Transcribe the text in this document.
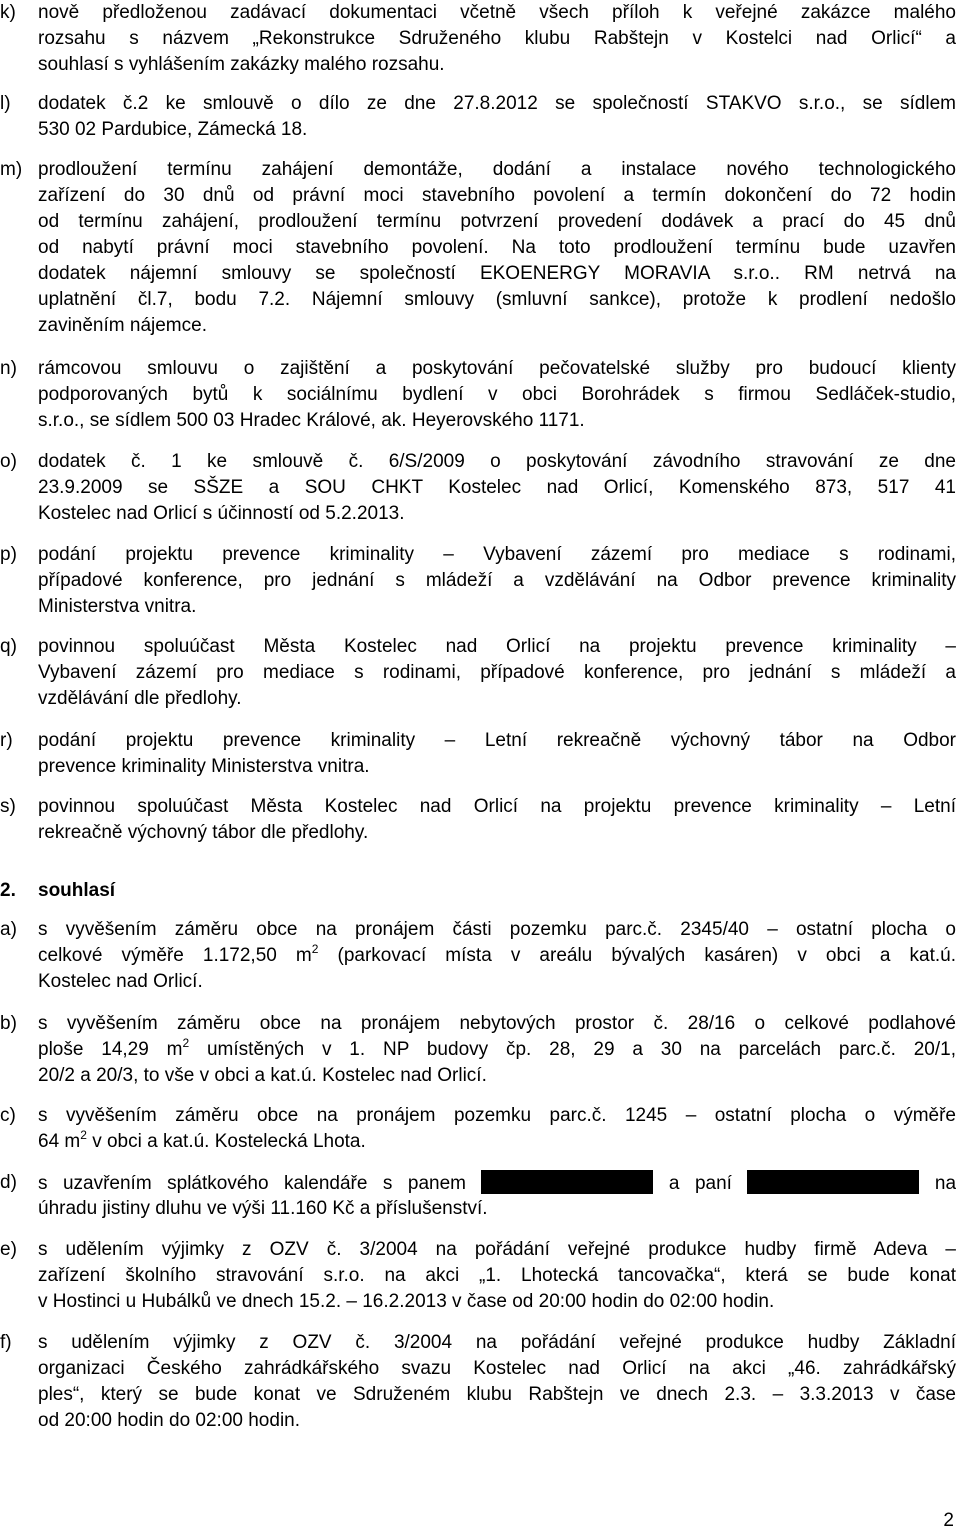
k) nově předloženou zadávací dokumentaci včetně všech příloh k veřejné zakázce malého
rozsahu s názvem „Rekonstrukce Sdruženého klubu Rabštejn v Kostelci nad Orlicí“ a
souhlasí s vyhlášením zakázky malého rozsahu.
l) dodatek č.2 ke smlouvě o dílo ze dne 27.8.2012 se společností STAKVO s.r.o., se sídlem
530 02 Pardubice, Zámecká 18.
m) prodloužení termínu zahájení demontáže, dodání a instalace nového technologického
zařízení do 30 dnů od právní moci stavebního povolení a termín dokončení do 72 hodin
od termínu zahájení, prodloužení termínu potvrzení provedení dodávek a prací do 45 dnů
od nabytí právní moci stavebního povolení. Na toto prodloužení termínu bude uzavřen
dodatek nájemní smlouvy se společností EKOENERGY MORAVIA s.r.o.. RM netrvá na
uplatnění čl.7, bodu 7.2. Nájemní smlouvy (smluvní sankce), protože k prodlení nedošlo
zaviněním nájemce.
n) rámcovou smlouvu o zajištění a poskytování pečovatelské služby pro budoucí klienty
podporovaných bytů k sociálnímu bydlení v obci Borohrádek s firmou Sedláček-studio,
s.r.o., se sídlem 500 03 Hradec Králové, ak. Heyerovského 1171.
o) dodatek č. 1 ke smlouvě č. 6/S/2009 o poskytování závodního stravování ze dne
23.9.2009 se SŠZE a SOU CHKT Kostelec nad Orlicí, Komenského 873, 517 41
Kostelec nad Orlicí s účinností od 5.2.2013.
p) podání projektu prevence kriminality – Vybavení zázemí pro mediace s rodinami,
případové konference, pro jednání s mládeží a vzdělávání na Odbor prevence kriminality
Ministerstva vnitra.
q) povinnou spoluúčast Města Kostelec nad Orlicí na projektu prevence kriminality –
Vybavení zázemí pro mediace s rodinami, případové konference, pro jednání s mládeží a
vzdělávání dle předlohy.
r) podání projektu prevence kriminality – Letní rekreačně výchovný tábor na Odbor
prevence kriminality Ministerstva vnitra.
s) povinnou spoluúčast Města Kostelec nad Orlicí na projektu prevence kriminality – Letní
rekreačně výchovný tábor dle předlohy.
2. souhlasí
a) s vyvěšením záměru obce na pronájem části pozemku parc.č. 2345/40 – ostatní plocha o
celkové výměře 1.172,50 $m^2$ (parkovací místa v areálu bývalých kasáren) v obci a kat.ú.
Kostelec nad Orlicí.
b) s vyvěšením záměru obce na pronájem nebytových prostor č. 28/16 o celkové podlahové
ploše 14,29 $m^2$ umístěných v 1. NP budovy čp. 28, 29 a 30 na parcelách parc.č. 20/1,
20/2 a 20/3, to vše v obci a kat.ú. Kostelec nad Orlicí.
c) s vyvěšením záměru obce na pronájem pozemku parc.č. 1245 – ostatní plocha o výměře
64 $m^2$ v obci a kat.ú. Kostelecká Lhota.
d) s uzavřením splátkového kalendáře s panem	a paní	na
úhradu jistiny dluhu ve výši 11.160 Kč a příslušenství.
e) s udělením výjimky z OZV č. 3/2004 na pořádání veřejné produkce hudby firmě Adeva –
zařízení školního stravování s.r.o. na akci „1. Lhotecká tancovačka“, která se bude konat
v Hostinci u Hubálků ve dnech 15.2. – 16.2.2013 v čase od 20:00 hodin do 02:00 hodin.
f) s udělením výjimky z OZV č. 3/2004 na pořádání veřejné produkce hudby Základní
organizaci Českého zahrádkářského svazu Kostelec nad Orlicí na akci „46. zahrádkářský
ples“, který se bude konat ve Sdruženém klubu Rabštejn ve dnech 2.3. – 3.3.2013 v čase
od 20:00 hodin do 02:00 hodin.
2
